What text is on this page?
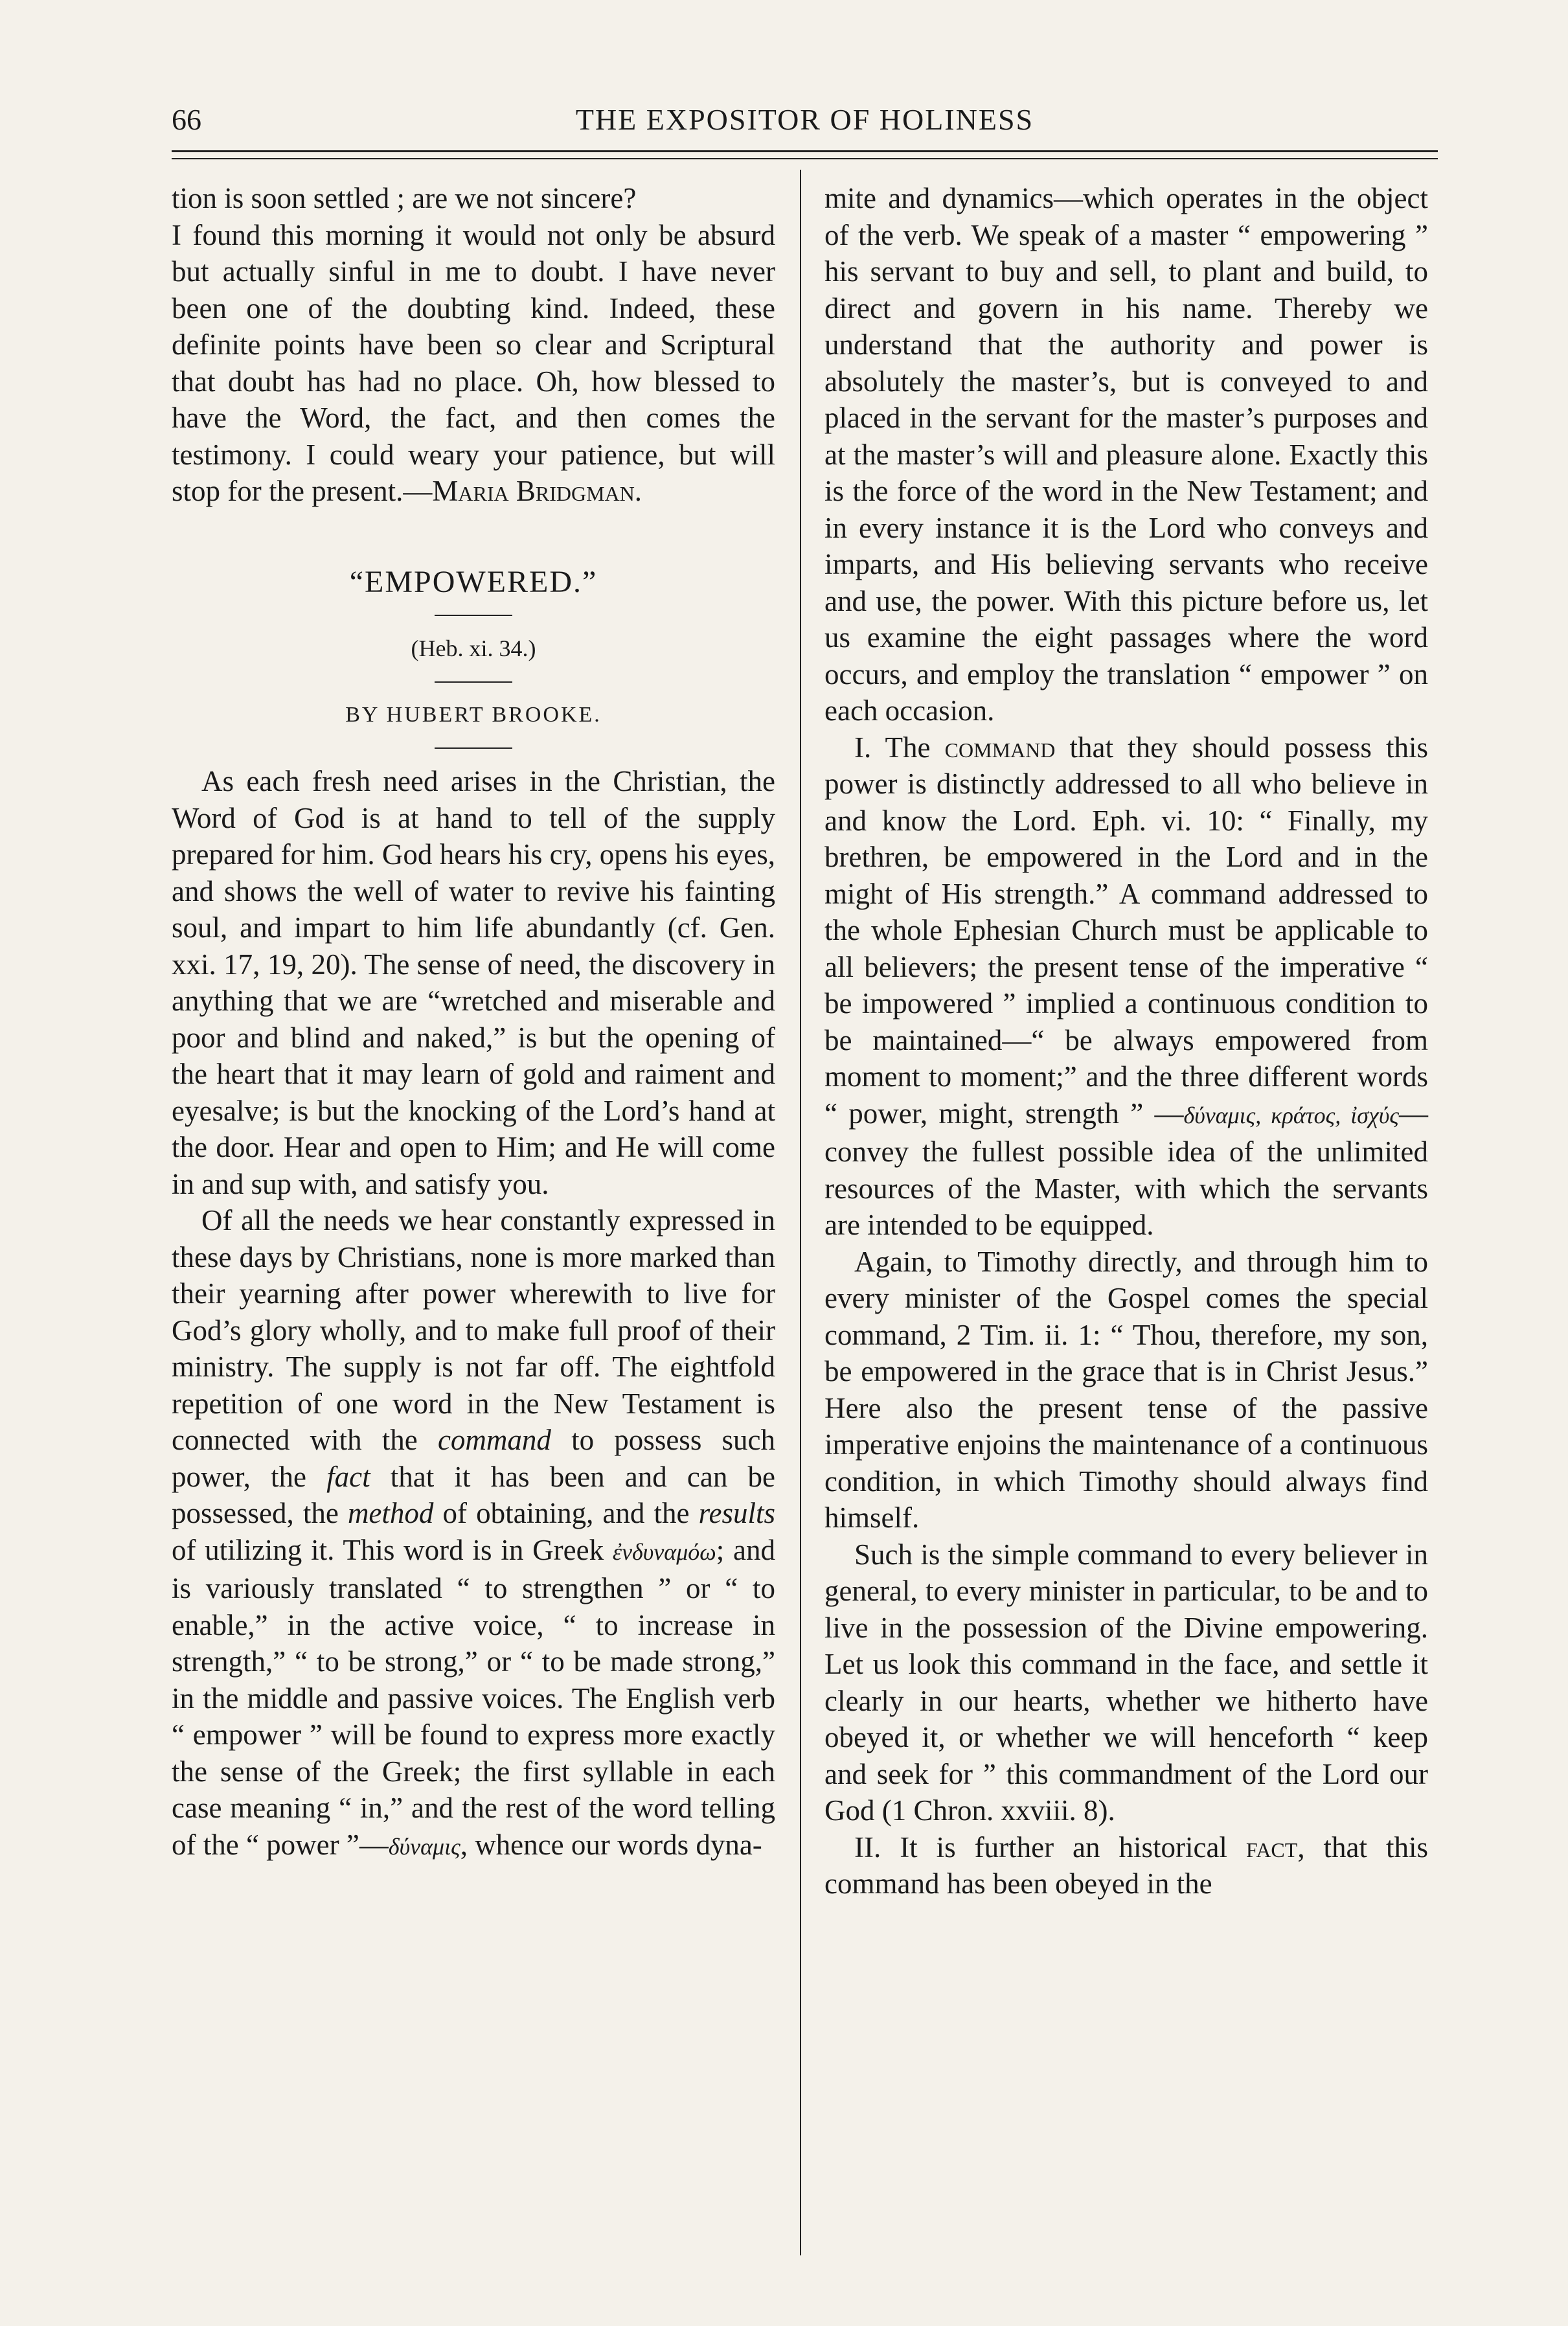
66	THE EXPOSITOR OF HOLINESS

tion is soon settled ; are we not sincere?

I found this morning it would not only be absurd but actually sinful in me to doubt. I have never been one of the doubting kind. Indeed, these definite points have been so clear and Scriptural that doubt has had no place. Oh, how blessed to have the Word, the fact, and then comes the testimony. I could weary your patience, but will stop for the present.—Maria Bridgman.

“EMPOWERED.”

(Heb. xi. 34.)

BY HUBERT BROOKE.

As each fresh need arises in the Christian, the Word of God is at hand to tell of the supply prepared for him. God hears his cry, opens his eyes, and shows the well of water to revive his fainting soul, and impart to him life abundantly (cf. Gen. xxi. 17, 19, 20). The sense of need, the discovery in anything that we are “wretched and miserable and poor and blind and naked,” is but the opening of the heart that it may learn of gold and raiment and eyesalve; is but the knocking of the Lord’s hand at the door. Hear and open to Him; and He will come in and sup with, and satisfy you.

Of all the needs we hear constantly expressed in these days by Christians, none is more marked than their yearning after power wherewith to live for God’s glory wholly, and to make full proof of their ministry. The supply is not far off. The eightfold repetition of one word in the New Testament is connected with the command to possess such power, the fact that it has been and can be possessed, the method of obtaining, and the results of utilizing it. This word is in Greek ἐνδυναμόω; and is variously translated “ to strengthen ” or “ to enable,” in the active voice, “ to increase in strength,” “ to be strong,” or “ to be made strong,” in the middle and passive voices. The English verb “ empower ” will be found to express more exactly the sense of the Greek; the first syllable in each case meaning “ in,” and the rest of the word telling of the “ power ”—δύναμις, whence our words dyna-

mite and dynamics—which operates in the object of the verb. We speak of a master “ empowering ” his servant to buy and sell, to plant and build, to direct and govern in his name. Thereby we understand that the authority and power is absolutely the master’s, but is conveyed to and placed in the servant for the master’s purposes and at the master’s will and pleasure alone. Exactly this is the force of the word in the New Testament; and in every instance it is the Lord who conveys and imparts, and His believing servants who receive and use, the power. With this picture before us, let us examine the eight passages where the word occurs, and employ the translation “ empower ” on each occasion.

I. The command that they should possess this power is distinctly addressed to all who believe in and know the Lord. Eph. vi. 10: “ Finally, my brethren, be empowered in the Lord and in the might of His strength.” A command addressed to the whole Ephesian Church must be applicable to all believers; the present tense of the imperative “ be impowered ” implied a continuous condition to be maintained—“ be always empowered from moment to moment;” and the three different words “ power, might, strength ” —δύναμις, κράτος, ἰσχύς—convey the fullest possible idea of the unlimited resources of the Master, with which the servants are intended to be equipped.

Again, to Timothy directly, and through him to every minister of the Gospel comes the special command, 2 Tim. ii. 1: “ Thou, therefore, my son, be empowered in the grace that is in Christ Jesus.” Here also the present tense of the passive imperative enjoins the maintenance of a continuous condition, in which Timothy should always find himself.

Such is the simple command to every believer in general, to every minister in particular, to be and to live in the possession of the Divine empowering. Let us look this command in the face, and settle it clearly in our hearts, whether we hitherto have obeyed it, or whether we will henceforth “ keep and seek for ” this commandment of the Lord our God (1 Chron. xxviii. 8).

II. It is further an historical fact, that this command has been obeyed in the
